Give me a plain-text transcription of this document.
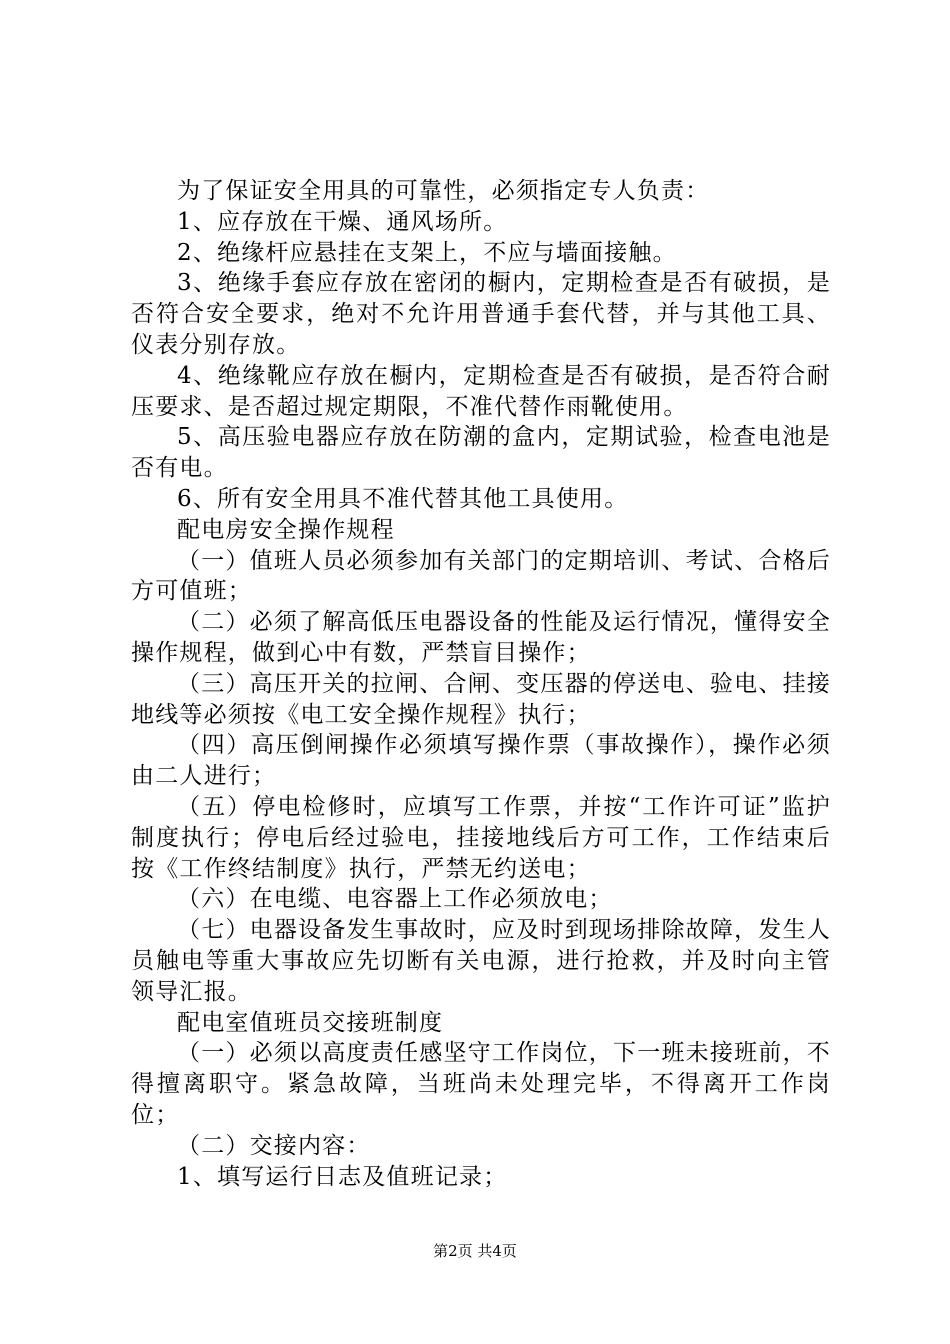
为了保证安全用具的可靠性，必须指定专人负责：

1、应存放在干燥、通风场所。

2、绝缘杆应悬挂在支架上，不应与墙面接触。

3、绝缘手套应存放在密闭的橱内，定期检查是否有破损，是否符合安全要求，绝对不允许用普通手套代替，并与其他工具、仪表分别存放。

4、绝缘靴应存放在橱内，定期检查是否有破损，是否符合耐压要求、是否超过规定期限，不准代替作雨靴使用。

5、高压验电器应存放在防潮的盒内，定期试验，检查电池是否有电。

6、所有安全用具不准代替其他工具使用。

配电房安全操作规程

（一）值班人员必须参加有关部门的定期培训、考试、合格后方可值班；

（二）必须了解高低压电器设备的性能及运行情况，懂得安全操作规程，做到心中有数，严禁盲目操作；

（三）高压开关的拉闸、合闸、变压器的停送电、验电、挂接地线等必须按《电工安全操作规程》执行；

（四）高压倒闸操作必须填写操作票（事故操作），操作必须由二人进行；

（五）停电检修时，应填写工作票，并按“工作许可证”监护制度执行；停电后经过验电，挂接地线后方可工作，工作结束后按《工作终结制度》执行，严禁无约送电；

（六）在电缆、电容器上工作必须放电；

（七）电器设备发生事故时，应及时到现场排除故障，发生人员触电等重大事故应先切断有关电源，进行抢救，并及时向主管领导汇报。

配电室值班员交接班制度

（一）必须以高度责任感坚守工作岗位，下一班未接班前，不得擅离职守。紧急故障，当班尚未处理完毕，不得离开工作岗位；

（二）交接内容：

1、填写运行日志及值班记录；

第2页 共4页
